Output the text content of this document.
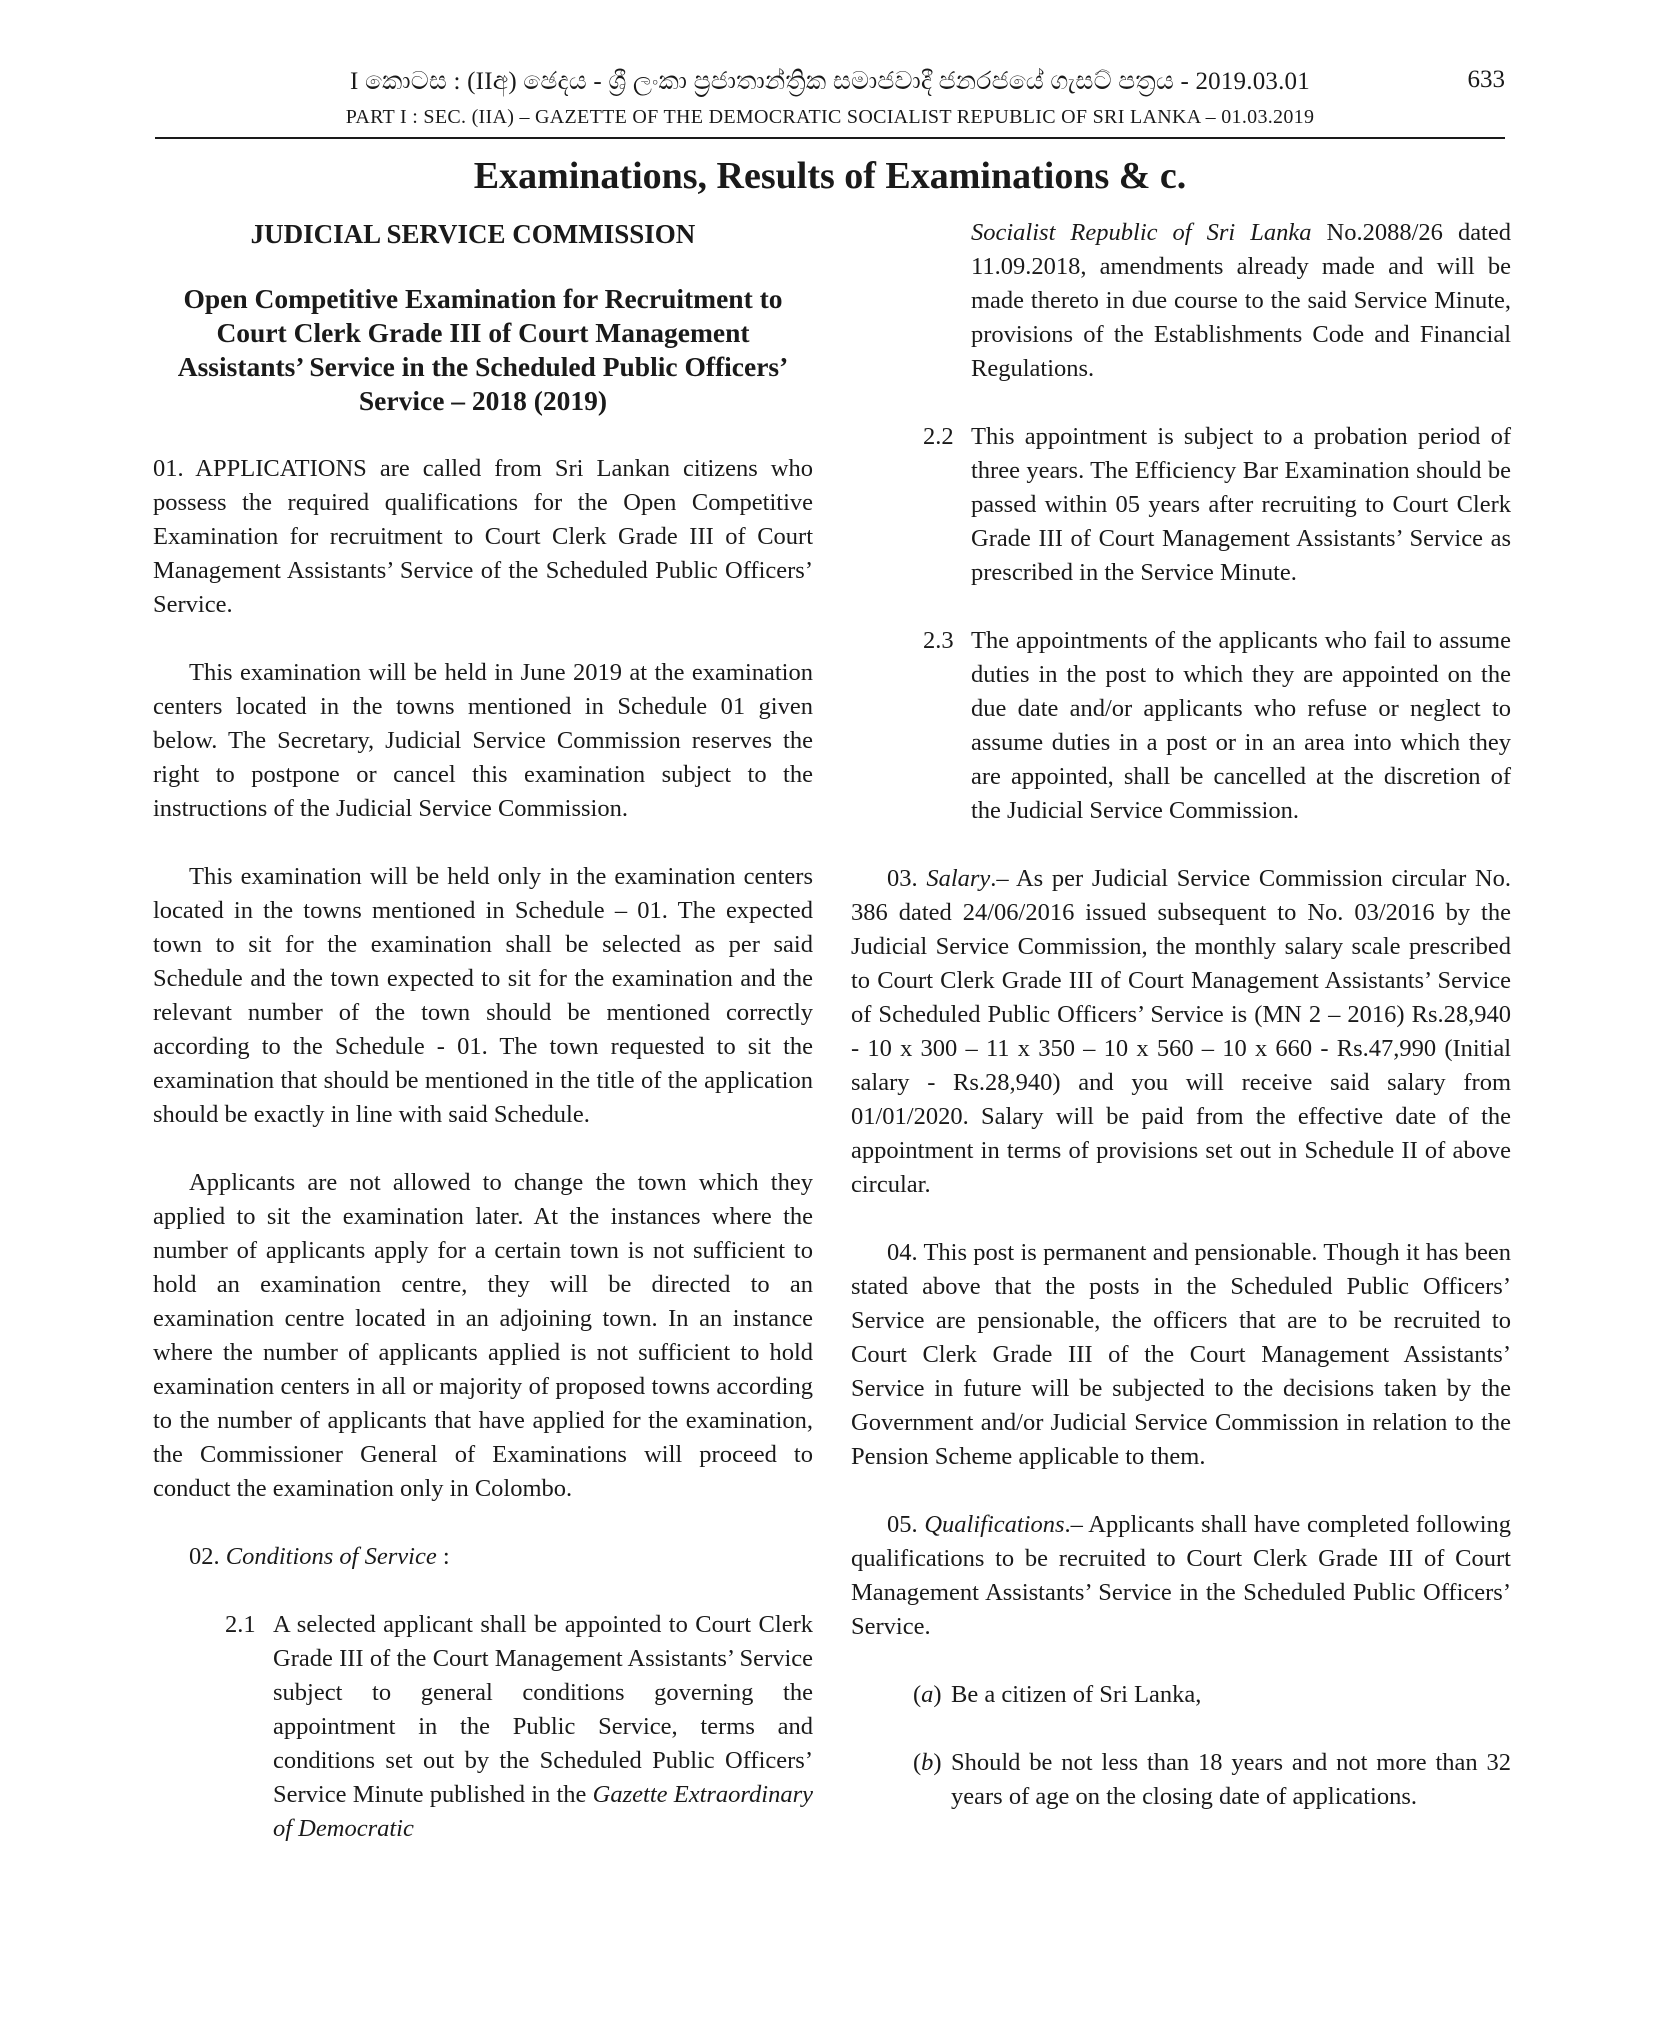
I කොටස : (IIඅ) ඡෙදය - ශ්‍රී ලංකා ප්‍රජාතාන්ත්‍රික සමාජවාදී ජනරජයේ ගැසට් පත්‍රය - 2019.03.01	633
PART I : SEC. (IIA) – GAZETTE OF THE DEMOCRATIC SOCIALIST REPUBLIC OF SRI LANKA – 01.03.2019
Examinations, Results of Examinations & c.
JUDICIAL SERVICE COMMISSION
Open Competitive Examination for Recruitment to Court Clerk Grade III of Court Management Assistants’ Service in the Scheduled Public Officers’ Service – 2018 (2019)

01. APPLICATIONS are called from Sri Lankan citizens who possess the required qualifications for the Open Competitive Examination for recruitment to Court Clerk Grade III of Court Management Assistants’ Service of the Scheduled Public Officers’ Service.

This examination will be held in June 2019 at the examination centers located in the towns mentioned in Schedule 01 given below. The Secretary, Judicial Service Commission reserves the right to postpone or cancel this examination subject to the instructions of the Judicial Service Commission.

This examination will be held only in the examination centers located in the towns mentioned in Schedule – 01. The expected town to sit for the examination shall be selected as per said Schedule and the town expected to sit for the examination and the relevant number of the town should be mentioned correctly according to the Schedule - 01. The town requested to sit the examination that should be mentioned in the title of the application should be exactly in line with said Schedule.

Applicants are not allowed to change the town which they applied to sit the examination later. At the instances where the number of applicants apply for a certain town is not sufficient to hold an examination centre, they will be directed to an examination centre located in an adjoining town. In an instance where the number of applicants applied is not sufficient to hold examination centers in all or majority of proposed towns according to the number of applicants that have applied for the examination, the Commissioner General of Examinations will proceed to conduct the examination only in Colombo.

02. Conditions of Service :

2.1 A selected applicant shall be appointed to Court Clerk Grade III of the Court Management Assistants’ Service subject to general conditions governing the appointment in the Public Service, terms and conditions set out by the Scheduled Public Officers’ Service Minute published in the Gazette Extraordinary of Democratic

Socialist Republic of Sri Lanka No.2088/26 dated 11.09.2018, amendments already made and will be made thereto in due course to the said Service Minute, provisions of the Establishments Code and Financial Regulations.

2.2 This appointment is subject to a probation period of three years. The Efficiency Bar Examination should be passed within 05 years after recruiting to Court Clerk Grade III of Court Management Assistants’ Service as prescribed in the Service Minute.
2.3 The appointments of the applicants who fail to assume duties in the post to which they are appointed on the due date and/or applicants who refuse or neglect to assume duties in a post or in an area into which they are appointed, shall be cancelled at the discretion of the Judicial Service Commission.

03. Salary.– As per Judicial Service Commission circular No. 386 dated 24/06/2016 issued subsequent to No. 03/2016 by the Judicial Service Commission, the monthly salary scale prescribed to Court Clerk Grade III of Court Management Assistants’ Service of Scheduled Public Officers’ Service is (MN 2 – 2016) Rs.28,940 - 10 x 300 – 11 x 350 – 10 x 560 – 10 x 660 - Rs.47,990 (Initial salary - Rs.28,940) and you will receive said salary from 01/01/2020. Salary will be paid from the effective date of the appointment in terms of provisions set out in Schedule II of above circular.

04. This post is permanent and pensionable. Though it has been stated above that the posts in the Scheduled Public Officers’ Service are pensionable, the officers that are to be recruited to Court Clerk Grade III of the Court Management Assistants’ Service in future will be subjected to the decisions taken by the Government and/or Judicial Service Commission in relation to the Pension Scheme applicable to them.

05. Qualifications.– Applicants shall have completed following qualifications to be recruited to Court Clerk Grade III of Court Management Assistants’ Service in the Scheduled Public Officers’ Service.

(a) Be a citizen of Sri Lanka,
(b) Should be not less than 18 years and not more than 32 years of age on the closing date of applications.
